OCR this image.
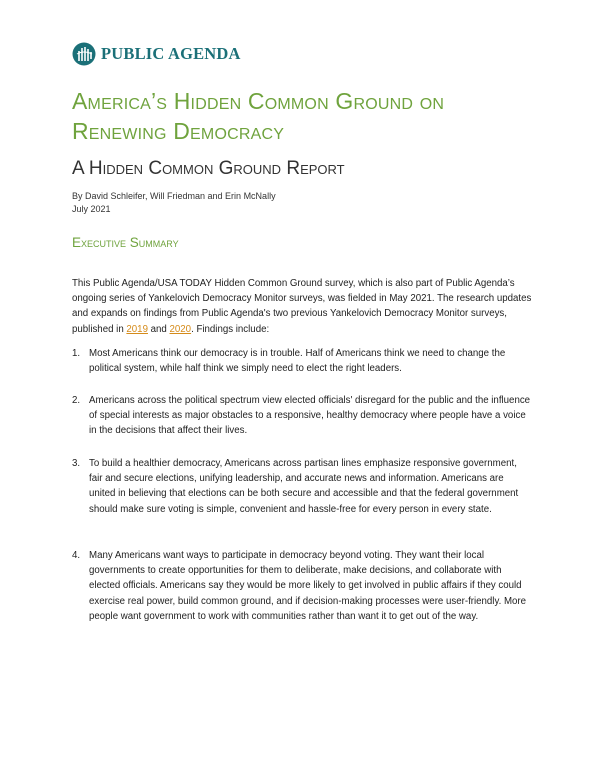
PUBLIC AGENDA
America’s Hidden Common Ground on Renewing Democracy
A Hidden Common Ground Report
By David Schleifer, Will Friedman and Erin McNally
July 2021
Executive Summary

This Public Agenda/USA TODAY Hidden Common Ground survey, which is also part of Public Agenda’s ongoing series of Yankelovich Democracy Monitor surveys, was fielded in May 2021. The research updates and expands on findings from Public Agenda's two previous Yankelovich Democracy Monitor surveys, published in 2019 and 2020. Findings include:

1. Most Americans think our democracy is in trouble. Half of Americans think we need to change the political system, while half think we simply need to elect the right leaders.
2. Americans across the political spectrum view elected officials' disregard for the public and the influence of special interests as major obstacles to a responsive, healthy democracy where people have a voice in the decisions that affect their lives.
3. To build a healthier democracy, Americans across partisan lines emphasize responsive government, fair and secure elections, unifying leadership, and accurate news and information. Americans are united in believing that elections can be both secure and accessible and that the federal government should make sure voting is simple, convenient and hassle-free for every person in every state.
4. Many Americans want ways to participate in democracy beyond voting. They want their local governments to create opportunities for them to deliberate, make decisions, and collaborate with elected officials. Americans say they would be more likely to get involved in public affairs if they could exercise real power, build common ground, and if decision-making processes were user-friendly. More people want government to work with communities rather than want it to get out of the way.
